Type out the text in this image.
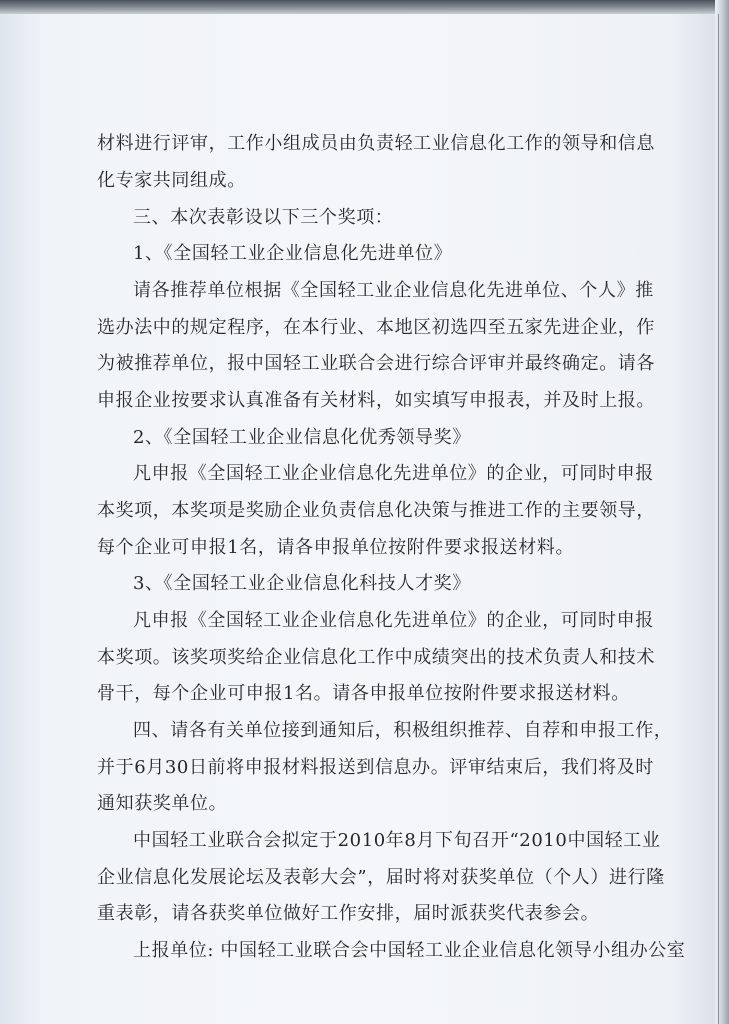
材料进行评审，工作小组成员由负责轻工业信息化工作的领导和信息

化专家共同组成。

三、本次表彰设以下三个奖项：

1、《全国轻工业企业信息化先进单位》

请各推荐单位根据《全国轻工业企业信息化先进单位、个人》推

选办法中的规定程序，在本行业、本地区初选四至五家先进企业，作

为被推荐单位，报中国轻工业联合会进行综合评审并最终确定。请各

申报企业按要求认真准备有关材料，如实填写申报表，并及时上报。

2、《全国轻工业企业信息化优秀领导奖》

凡申报《全国轻工业企业信息化先进单位》的企业，可同时申报

本奖项，本奖项是奖励企业负责信息化决策与推进工作的主要领导，

每个企业可申报1名，请各申报单位按附件要求报送材料。

3、《全国轻工业企业信息化科技人才奖》

凡申报《全国轻工业企业信息化先进单位》的企业，可同时申报

本奖项。该奖项奖给企业信息化工作中成绩突出的技术负责人和技术

骨干，每个企业可申报1名。请各申报单位按附件要求报送材料。

四、请各有关单位接到通知后，积极组织推荐、自荐和申报工作，

并于6月30日前将申报材料报送到信息办。评审结束后，我们将及时

通知获奖单位。

中国轻工业联合会拟定于2010年8月下旬召开“2010中国轻工业

企业信息化发展论坛及表彰大会”，届时将对获奖单位（个人）进行隆

重表彰，请各获奖单位做好工作安排，届时派获奖代表参会。

上报单位: 中国轻工业联合会中国轻工业企业信息化领导小组办公室
